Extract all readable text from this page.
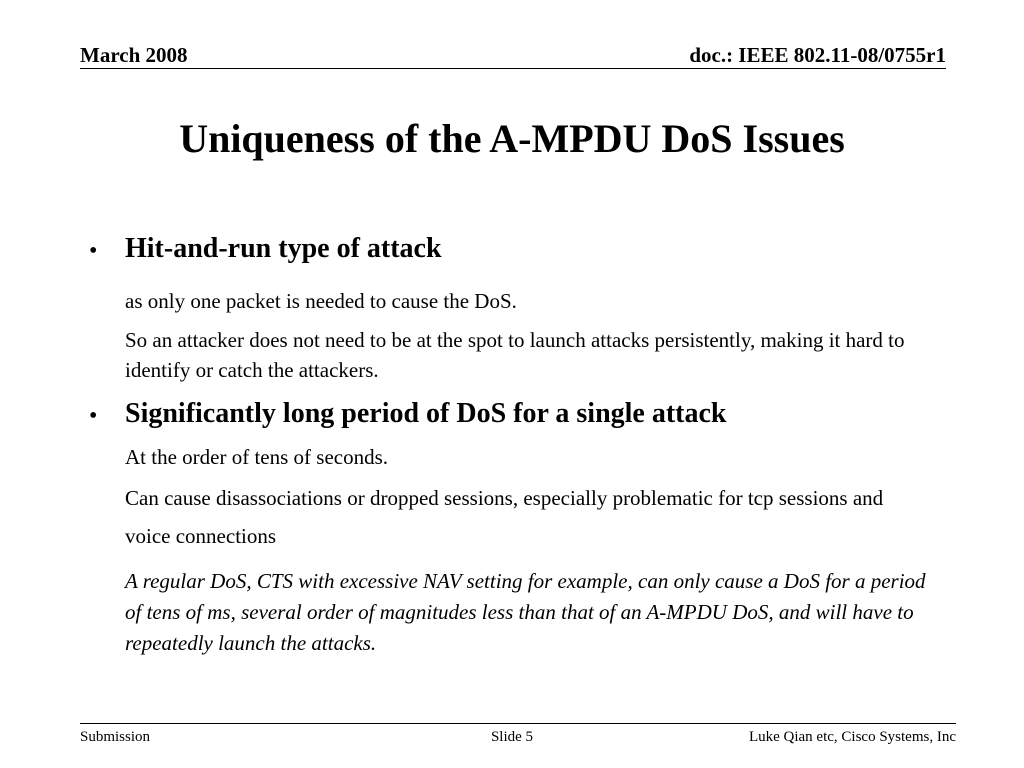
March 2008	doc.: IEEE 802.11-08/0755r1
Uniqueness of the A-MPDU DoS Issues
• Hit-and-run type of attack
as only one packet is needed to cause the DoS.
So an attacker does not need to be at the spot to launch attacks persistently, making it hard to identify or catch the attackers.
• Significantly long period of DoS for a single attack
At the order of tens of seconds.
Can cause disassociations or dropped sessions, especially problematic for tcp sessions and voice connections
A regular DoS, CTS with excessive NAV setting for example, can only cause a DoS for a period of tens of ms, several order of magnitudes less than that of an A-MPDU DoS, and will have to repeatedly launch the attacks.
Submission	Slide 5	Luke Qian etc, Cisco Systems, Inc
